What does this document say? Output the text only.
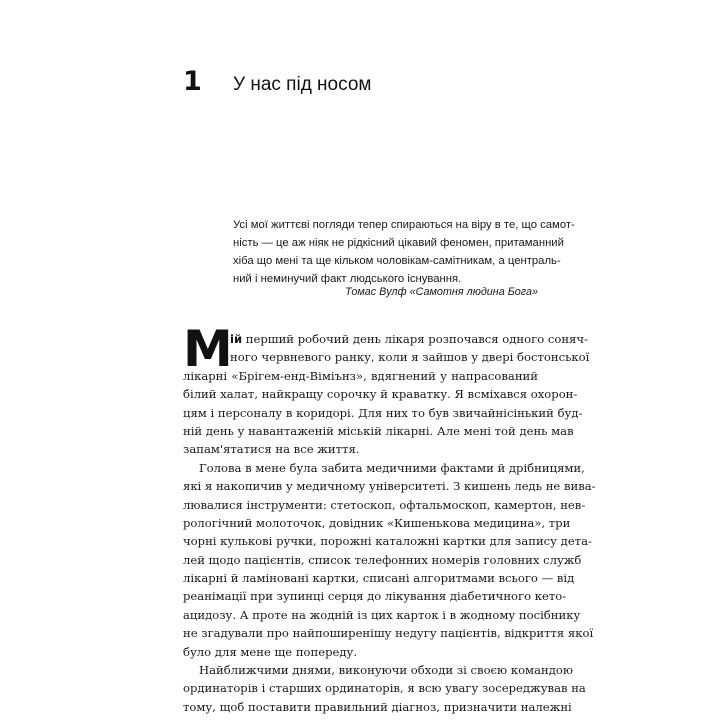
1	У нас під носом
Усі мої життєві погляди тепер спираються на віру в те, що самот-
ність — це аж ніяк не рідкісний цікавий феномен, притаманний
хіба що мені та ще кільком чоловікам-самітникам, а централь-
ний і неминучий факт людського існування.
Томас Вулф «Самотня людина Бога»
М
ій перший робочий день лікаря розпочався одного соняч-
ного червневого ранку, коли я зайшов у двері бостонської
лікарні «Брігем-енд-Віміънз», вдягнений у напрасований
білий халат, найкращу сорочку й краватку. Я всміхався охорон-
цям і персоналу в коридорі. Для них то був звичайнісінький буд-
ній день у навантаженій міській лікарні. Але мені той день мав
запам'ятатися на все життя.
Голова в мене була забита медичними фактами й дрібницями,
які я накопичив у медичному університеті. З кишень ледь не вива-
лювалися інструменти: стетоскоп, офтальмоскоп, камертон, нев-
рологічний молоточок, довідник «Кишенькова медицина», три
чорні кулькові ручки, порожні каталожні картки для запису дета-
лей щодо пацієнтів, список телефонних номерів головних служб
лікарні й ламіновані картки, списані алгоритмами всього — від
реанімації при зупинці серця до лікування діабетичного кето-
ацидозу. А проте на жодній із цих карток і в жодному посібнику
не згадували про найпоширенішу недугу пацієнтів, відкриття якої
було для мене ще попереду.
Найближчими днями, виконуючи обходи зі своєю командою
ординаторів і старших ординаторів, я всю увагу зосереджував на
тому, щоб поставити правильний діагноз, призначити належні
